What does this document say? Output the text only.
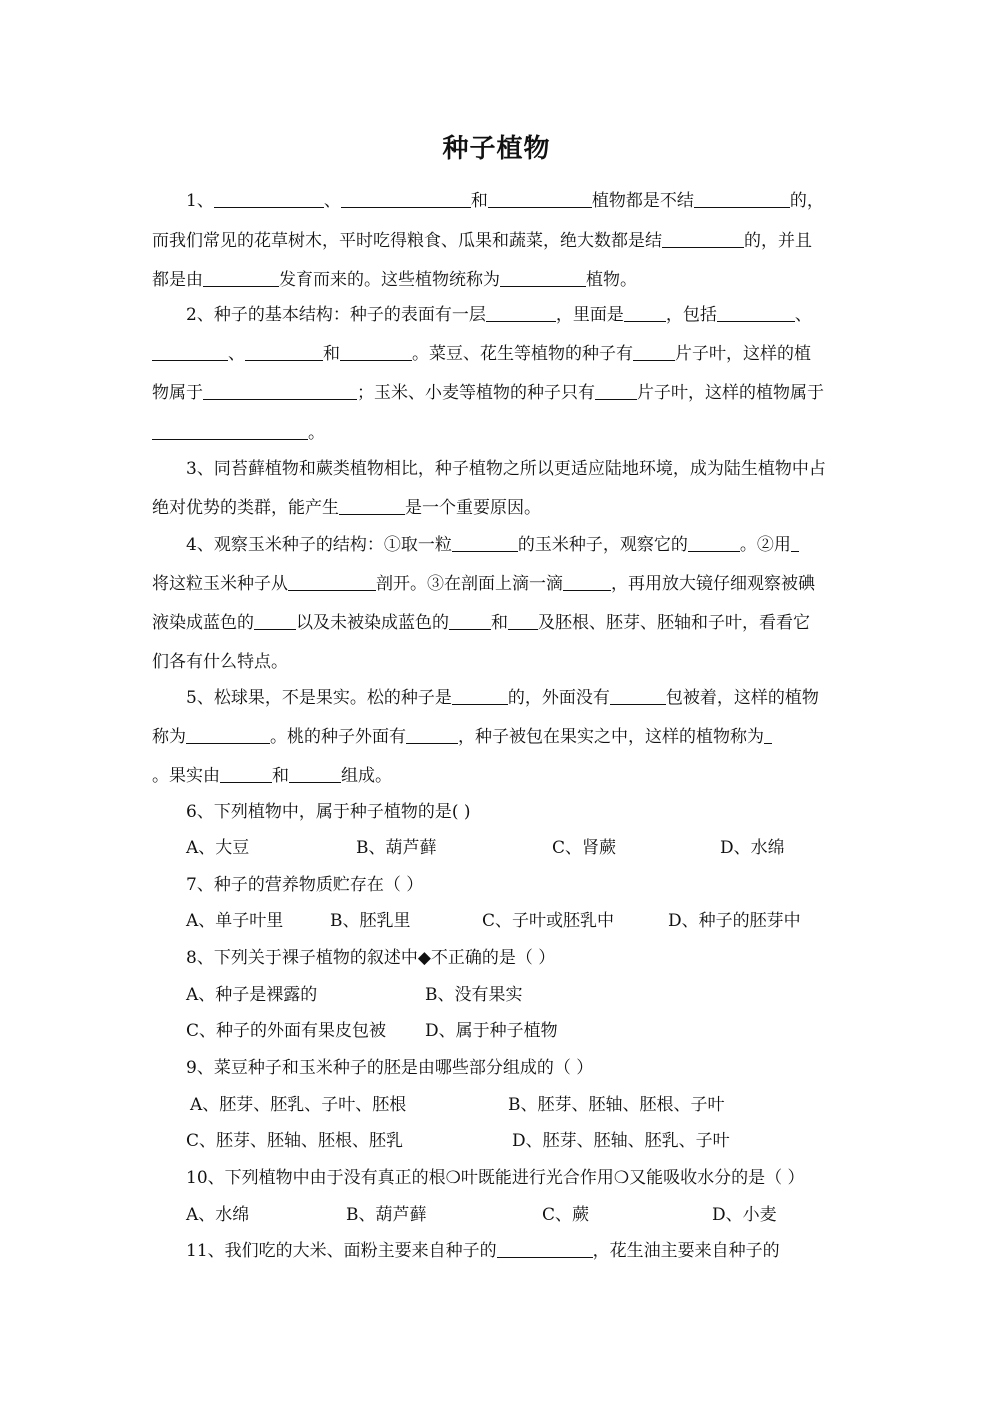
种子植物
1、	、	和	植物都是不结	的，
而我们常见的花草树木，平时吃得粮食、瓜果和蔬菜，绝大数都是结	的，并且
都是由	发育而来的。这些植物统称为	植物。
2、种子的基本结构：种子的表面有一层	，里面是 ，包括	、
、	和	。菜豆、花生等植物的种子有 片子叶，这样的植
物属于	；玉米、小麦等植物的种子只有 片子叶，这样的植物属于
。
3、同苔藓植物和蕨类植物相比，种子植物之所以更适应陆地环境，成为陆生植物中占
绝对优势的类群，能产生	是一个重要原因。
4、观察玉米种子的结构：①取一粒	的玉米种子，观察它的	。②用
将这粒玉米种子从	剖开。③在剖面上滴一滴	，再用放大镜仔细观察被碘
液染成蓝色的 以及未被染成蓝色的 和 及胚根、胚芽、胚轴和子叶，看看它
们各有什么特点。
5、松球果，不是果实。松的种子是	的，外面没有	包被着，这样的植物
称为	。桃的种子外面有	，种子被包在果实之中，这样的植物称为
。果实由	和	组成。
6、下列植物中，属于种子植物的是( )
A、大豆	B、葫芦藓	C、肾蕨	D、水绵
7、种子的营养物质贮存在（ ）
A、单子叶里	B、胚乳里	C、子叶或胚乳中	D、种子的胚芽中
8、下列关于裸子植物的叙述中◆不正确的是（ ）
A、种子是裸露的	B、没有果实
C、种子的外面有果皮包被 D、属于种子植物
9、菜豆种子和玉米种子的胚是由哪些部分组成的（ ）
A、胚芽、胚乳、子叶、胚根	B、胚芽、胚轴、胚根、子叶
C、胚芽、胚轴、胚根、胚乳	D、胚芽、胚轴、胚乳、子叶
10、下列植物中由于没有真正的根❍叶既能进行光合作用❍又能吸收水分的是（ ）
A、水绵	B、葫芦藓	C、蕨	D、小麦
11、我们吃的大米、面粉主要来自种子的	，花生油主要来自种子的
